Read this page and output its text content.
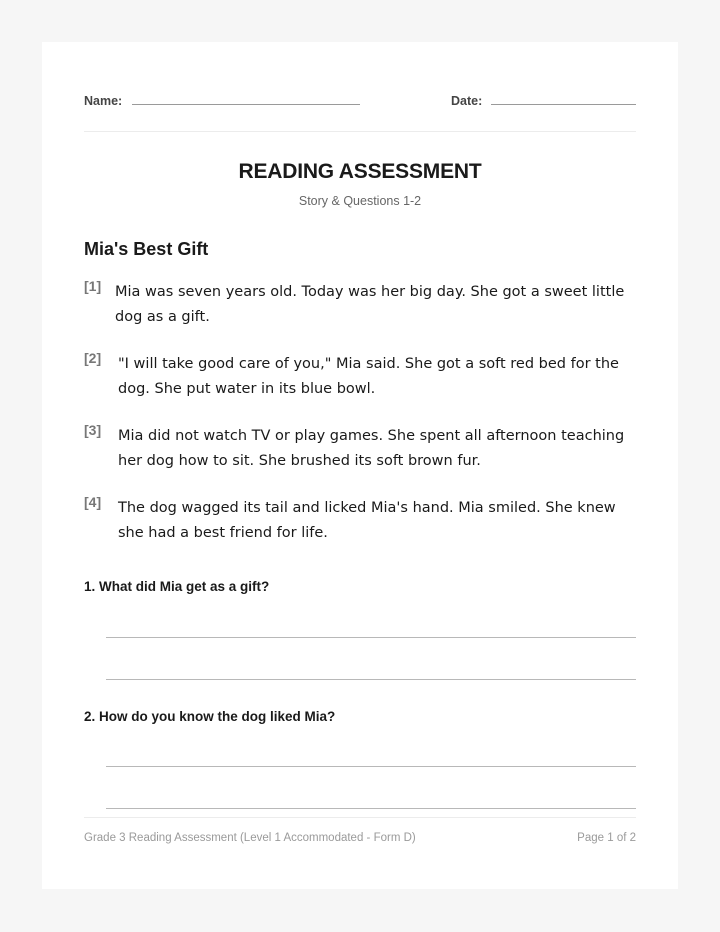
Name:	Date:
READING ASSESSMENT
Story & Questions 1-2
Mia's Best Gift
[1] Mia was seven years old. Today was her big day. She got a sweet little dog as a gift.
[2] "I will take good care of you," Mia said. She got a soft red bed for the dog. She put water in its blue bowl.
[3] Mia did not watch TV or play games. She spent all afternoon teaching her dog how to sit. She brushed its soft brown fur.
[4] The dog wagged its tail and licked Mia's hand. Mia smiled. She knew she had a best friend for life.
1. What did Mia get as a gift?
2. How do you know the dog liked Mia?
Grade 3 Reading Assessment (Level 1 Accommodated - Form D)	Page 1 of 2
